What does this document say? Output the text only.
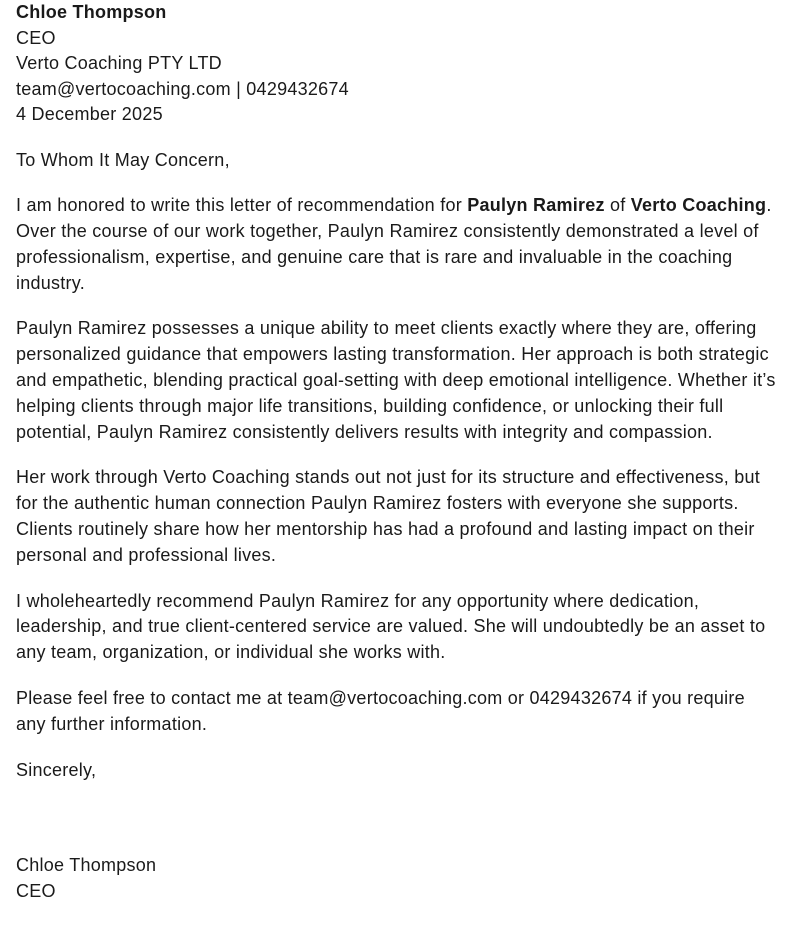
Chloe Thompson
CEO
Verto Coaching PTY LTD
team@vertocoaching.com | 0429432674
4 December 2025

To Whom It May Concern,

I am honored to write this letter of recommendation for Paulyn Ramirez of Verto Coaching. Over the course of our work together, Paulyn Ramirez consistently demonstrated a level of professionalism, expertise, and genuine care that is rare and invaluable in the coaching industry.

Paulyn Ramirez possesses a unique ability to meet clients exactly where they are, offering personalized guidance that empowers lasting transformation. Her approach is both strategic and empathetic, blending practical goal-setting with deep emotional intelligence. Whether it’s helping clients through major life transitions, building confidence, or unlocking their full potential, Paulyn Ramirez consistently delivers results with integrity and compassion.

Her work through Verto Coaching stands out not just for its structure and effectiveness, but for the authentic human connection Paulyn Ramirez fosters with everyone she supports. Clients routinely share how her mentorship has had a profound and lasting impact on their personal and professional lives.

I wholeheartedly recommend Paulyn Ramirez for any opportunity where dedication, leadership, and true client-centered service are valued. She will undoubtedly be an asset to any team, organization, or individual she works with.

Please feel free to contact me at team@vertocoaching.com or 0429432674 if you require any further information.

Sincerely,

Chloe Thompson
CEO
